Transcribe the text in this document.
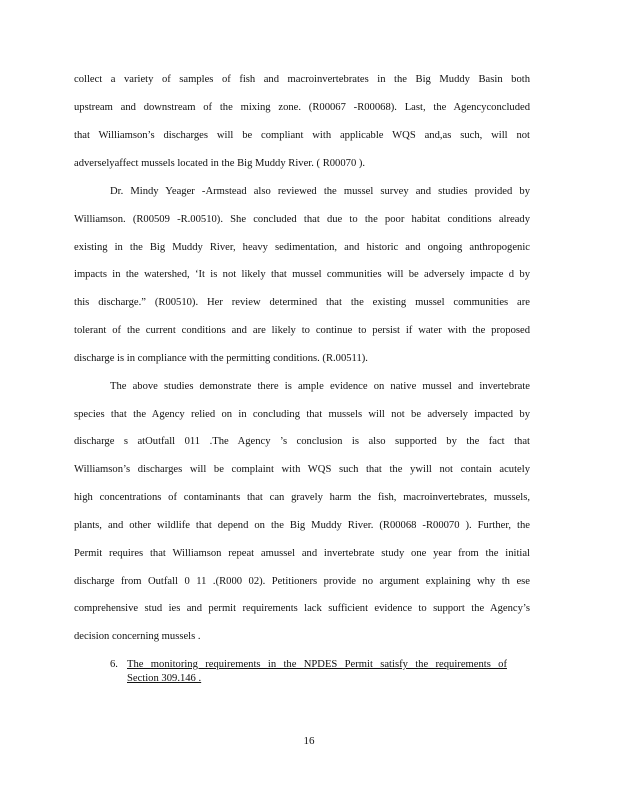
collect a variety of samples of fish and macroinvertebrates in the Big Muddy Basin both
upstream and downstream of the mixing zone. (R00067 -R00068). Last, the Agencyconcluded
that Williamson’s discharges will be compliant with applicable WQS and,as such, will not
adverselyaffect mussels located in the Big Muddy River. ( R00070 ).
Dr. Mindy Yeager -Armstead also reviewed the mussel survey and studies provided by
Williamson. (R00509 -R.00510). She concluded that due to the poor habitat conditions already
existing in the Big Muddy River, heavy sedimentation, and historic and ongoing anthropogenic
impacts in the watershed, ‘It is not likely that mussel communities will be adversely impacte d by
this discharge.” (R00510). Her review determined that the existing mussel communities are
tolerant of the current conditions and are likely to continue to persist if water with the proposed
discharge is in compliance with the permitting conditions. (R.00511).
The above studies demonstrate there is ample evidence on native mussel and invertebrate
species that the Agency relied on in concluding that mussels will not be adversely impacted by
discharge s atOutfall 011 .The Agency ’s conclusion is also supported by the fact that
Williamson’s discharges will be complaint with WQS such that the ywill not contain acutely
high concentrations of contaminants that can gravely harm the fish, macroinvertebrates, mussels,
plants, and other wildlife that depend on the Big Muddy River. (R00068 -R00070 ). Further, the
Permit requires that Williamson repeat amussel and invertebrate study one year from the initial
discharge from Outfall 0 11 .(R000 02). Petitioners provide no argument explaining why th ese
comprehensive stud ies and permit requirements lack sufficient evidence to support the Agency’s
decision concerning mussels .
6. The monitoring requirements in the NPDES Permit satisfy the requirements of
Section 309.146 .
16
